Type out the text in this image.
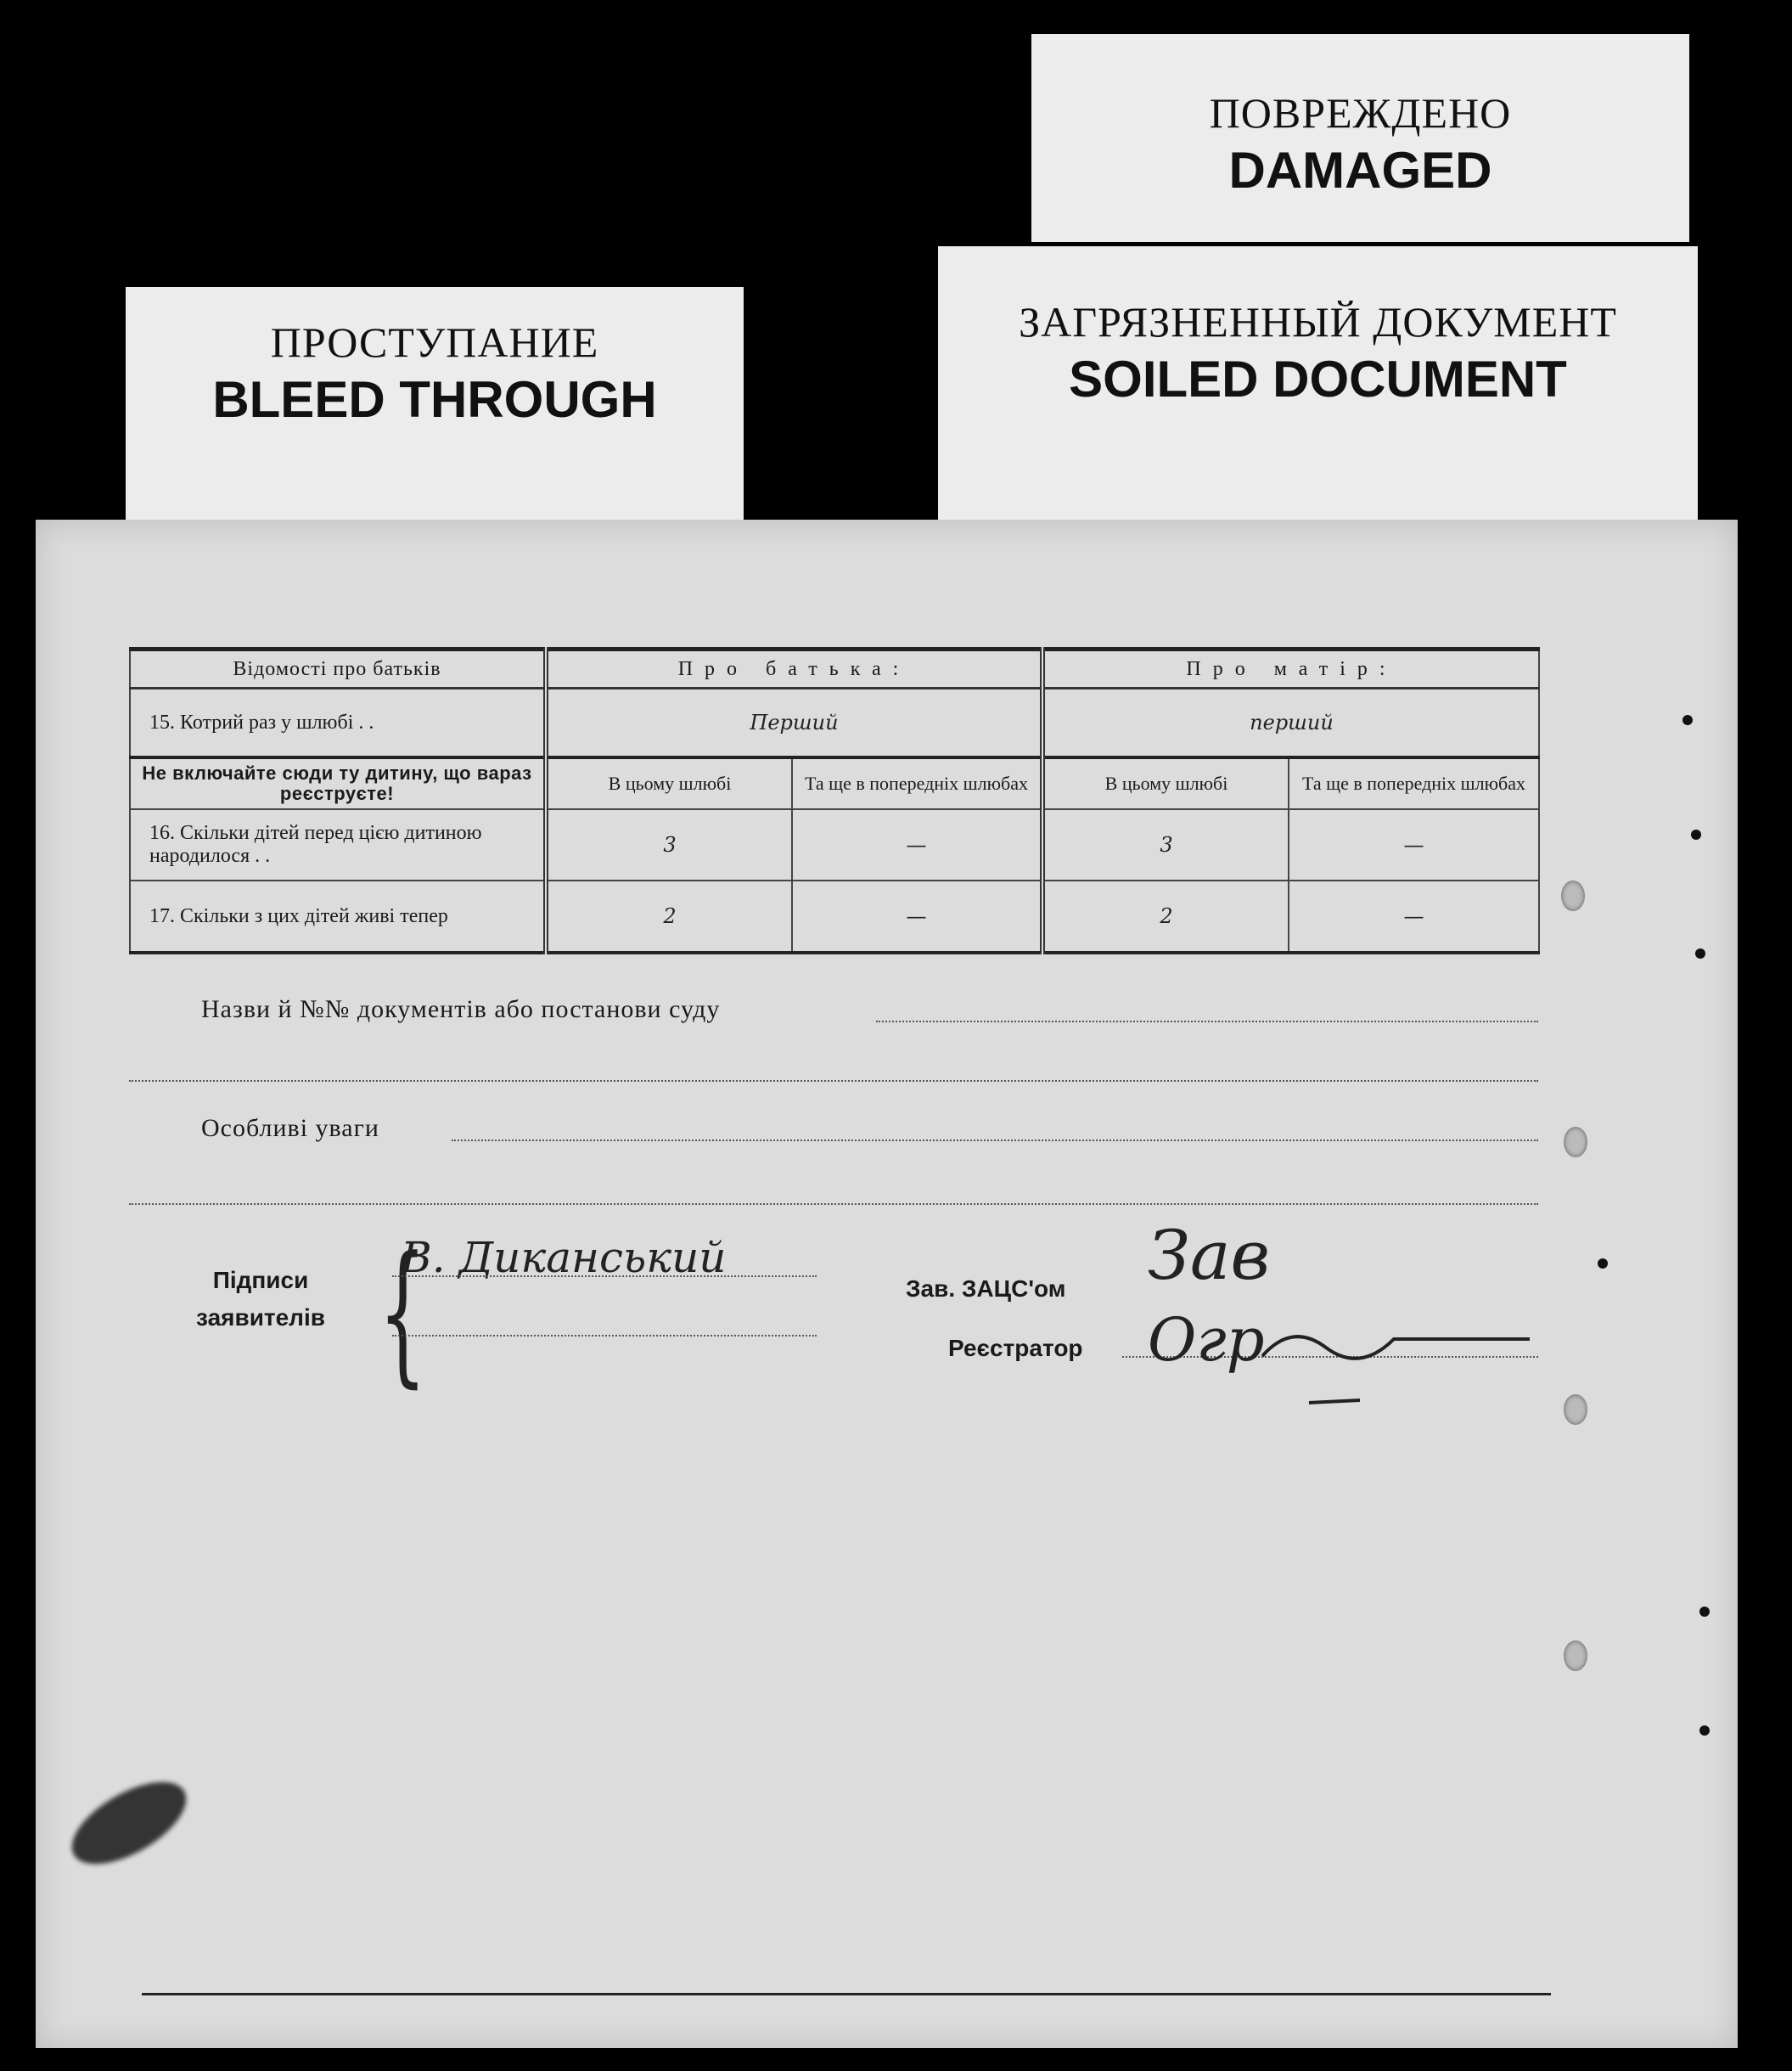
ПРОСТУПАНИЕ
BLEED THROUGH
ПОВРЕЖДЕНО
DAMAGED
ЗАГРЯЗНЕННЫЙ ДОКУМЕНТ
SOILED DOCUMENT
Відомості про батьків	Про батька:		Про матір:	
15. Котрий раз у шлюбі . .	Перший		перший	
Не включайте сюди ту дитину, що вараз реєструєте!	В цьому шлюбі	Та ще в попередніх шлюбах	В цьому шлюбі	Та ще в попередніх шлюбах
16. Скільки дітей перед цією дитиною народилося . .	3	—	3	—
17. Скільки з цих дітей живі тепер	2	—	2	—
Назви й №№ документів або постанови суду
Особливі уваги
Підписи
заявителів {
В. Диканський
Зав. ЗАЦС'ом Зав
Реєстратор Огр
